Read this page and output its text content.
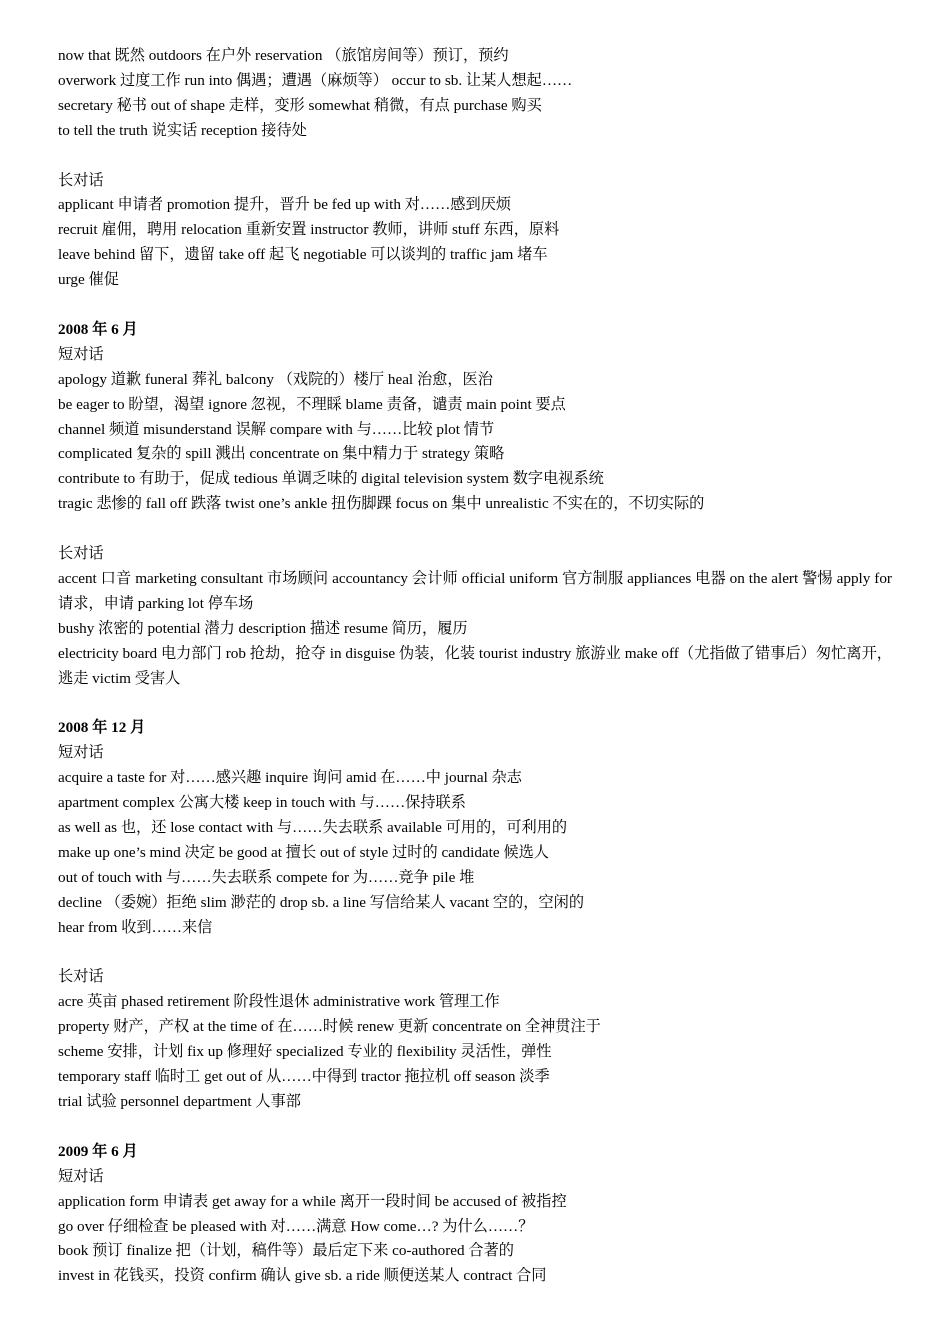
now that 既然 outdoors 在户外 reservation （旅馆房间等）预订，预约
overwork 过度工作 run into 偶遇；遭遇（麻烦等） occur to sb. 让某人想起……
secretary 秘书 out of shape 走样，变形 somewhat 稍微，有点 purchase 购买
to tell the truth 说实话 reception 接待处
长对话
applicant 申请者 promotion 提升，晋升 be fed up with 对……感到厌烦
recruit 雇佣，聘用 relocation 重新安置 instructor 教师，讲师 stuff 东西，原料
leave behind 留下，遗留 take off 起飞 negotiable 可以谈判的 traffic jam 堵车
urge 催促
2008 年 6 月
短对话
apology 道歉 funeral 葬礼 balcony （戏院的）楼厅 heal 治愈，医治
be eager to 盼望，渴望 ignore 忽视，不理睬 blame 责备，谴责 main point 要点
channel 频道 misunderstand 误解 compare with 与……比较 plot 情节
complicated 复杂的 spill 溅出 concentrate on 集中精力于 strategy 策略
contribute to 有助于，促成 tedious 单调乏味的 digital television system 数字电视系统
tragic 悲惨的 fall off 跌落 twist one’s ankle 扭伤脚踝 focus on 集中 unrealistic 不实在的，不切实际的
长对话
accent 口音 marketing consultant 市场顾问 accountancy 会计师 official uniform 官方制服 appliances 电器 on the alert 警惕 apply for 请求，申请 parking lot 停车场
bushy 浓密的 potential 潜力 description 描述 resume 简历，履历
electricity board 电力部门 rob 抢劫，抢夺 in disguise 伪装，化装 tourist industry 旅游业 make off（尤指做了错事后）匆忙离开，逃走 victim 受害人
2008 年 12 月
短对话
acquire a taste for 对……感兴趣 inquire 询问 amid 在……中 journal 杂志
apartment complex 公寓大楼 keep in touch with 与……保持联系
as well as 也，还 lose contact with 与……失去联系 available 可用的，可利用的
make up one’s mind 决定 be good at 擅长 out of style 过时的 candidate 候选人
out of touch with 与……失去联系 compete for 为……竞争 pile 堆
decline （委婉）拒绝 slim 渺茫的 drop sb. a line 写信给某人 vacant 空的，空闲的
hear from 收到……来信
长对话
acre 英亩 phased retirement 阶段性退休 administrative work 管理工作
property 财产，产权 at the time of 在……时候 renew 更新 concentrate on 全神贯注于
scheme 安排，计划 fix up 修理好 specialized 专业的 flexibility 灵活性，弹性
temporary staff 临时工 get out of 从……中得到 tractor 拖拉机 off season 淡季
trial 试验 personnel department 人事部
2009 年 6 月
短对话
application form 申请表 get away for a while 离开一段时间 be accused of 被指控
go over 仔细检查 be pleased with 对……满意 How come…? 为什么……？
book 预订 finalize 把（计划，稿件等）最后定下来 co-authored 合著的
invest in 花钱买，投资 confirm 确认 give sb. a ride 顺便送某人 contract 合同
